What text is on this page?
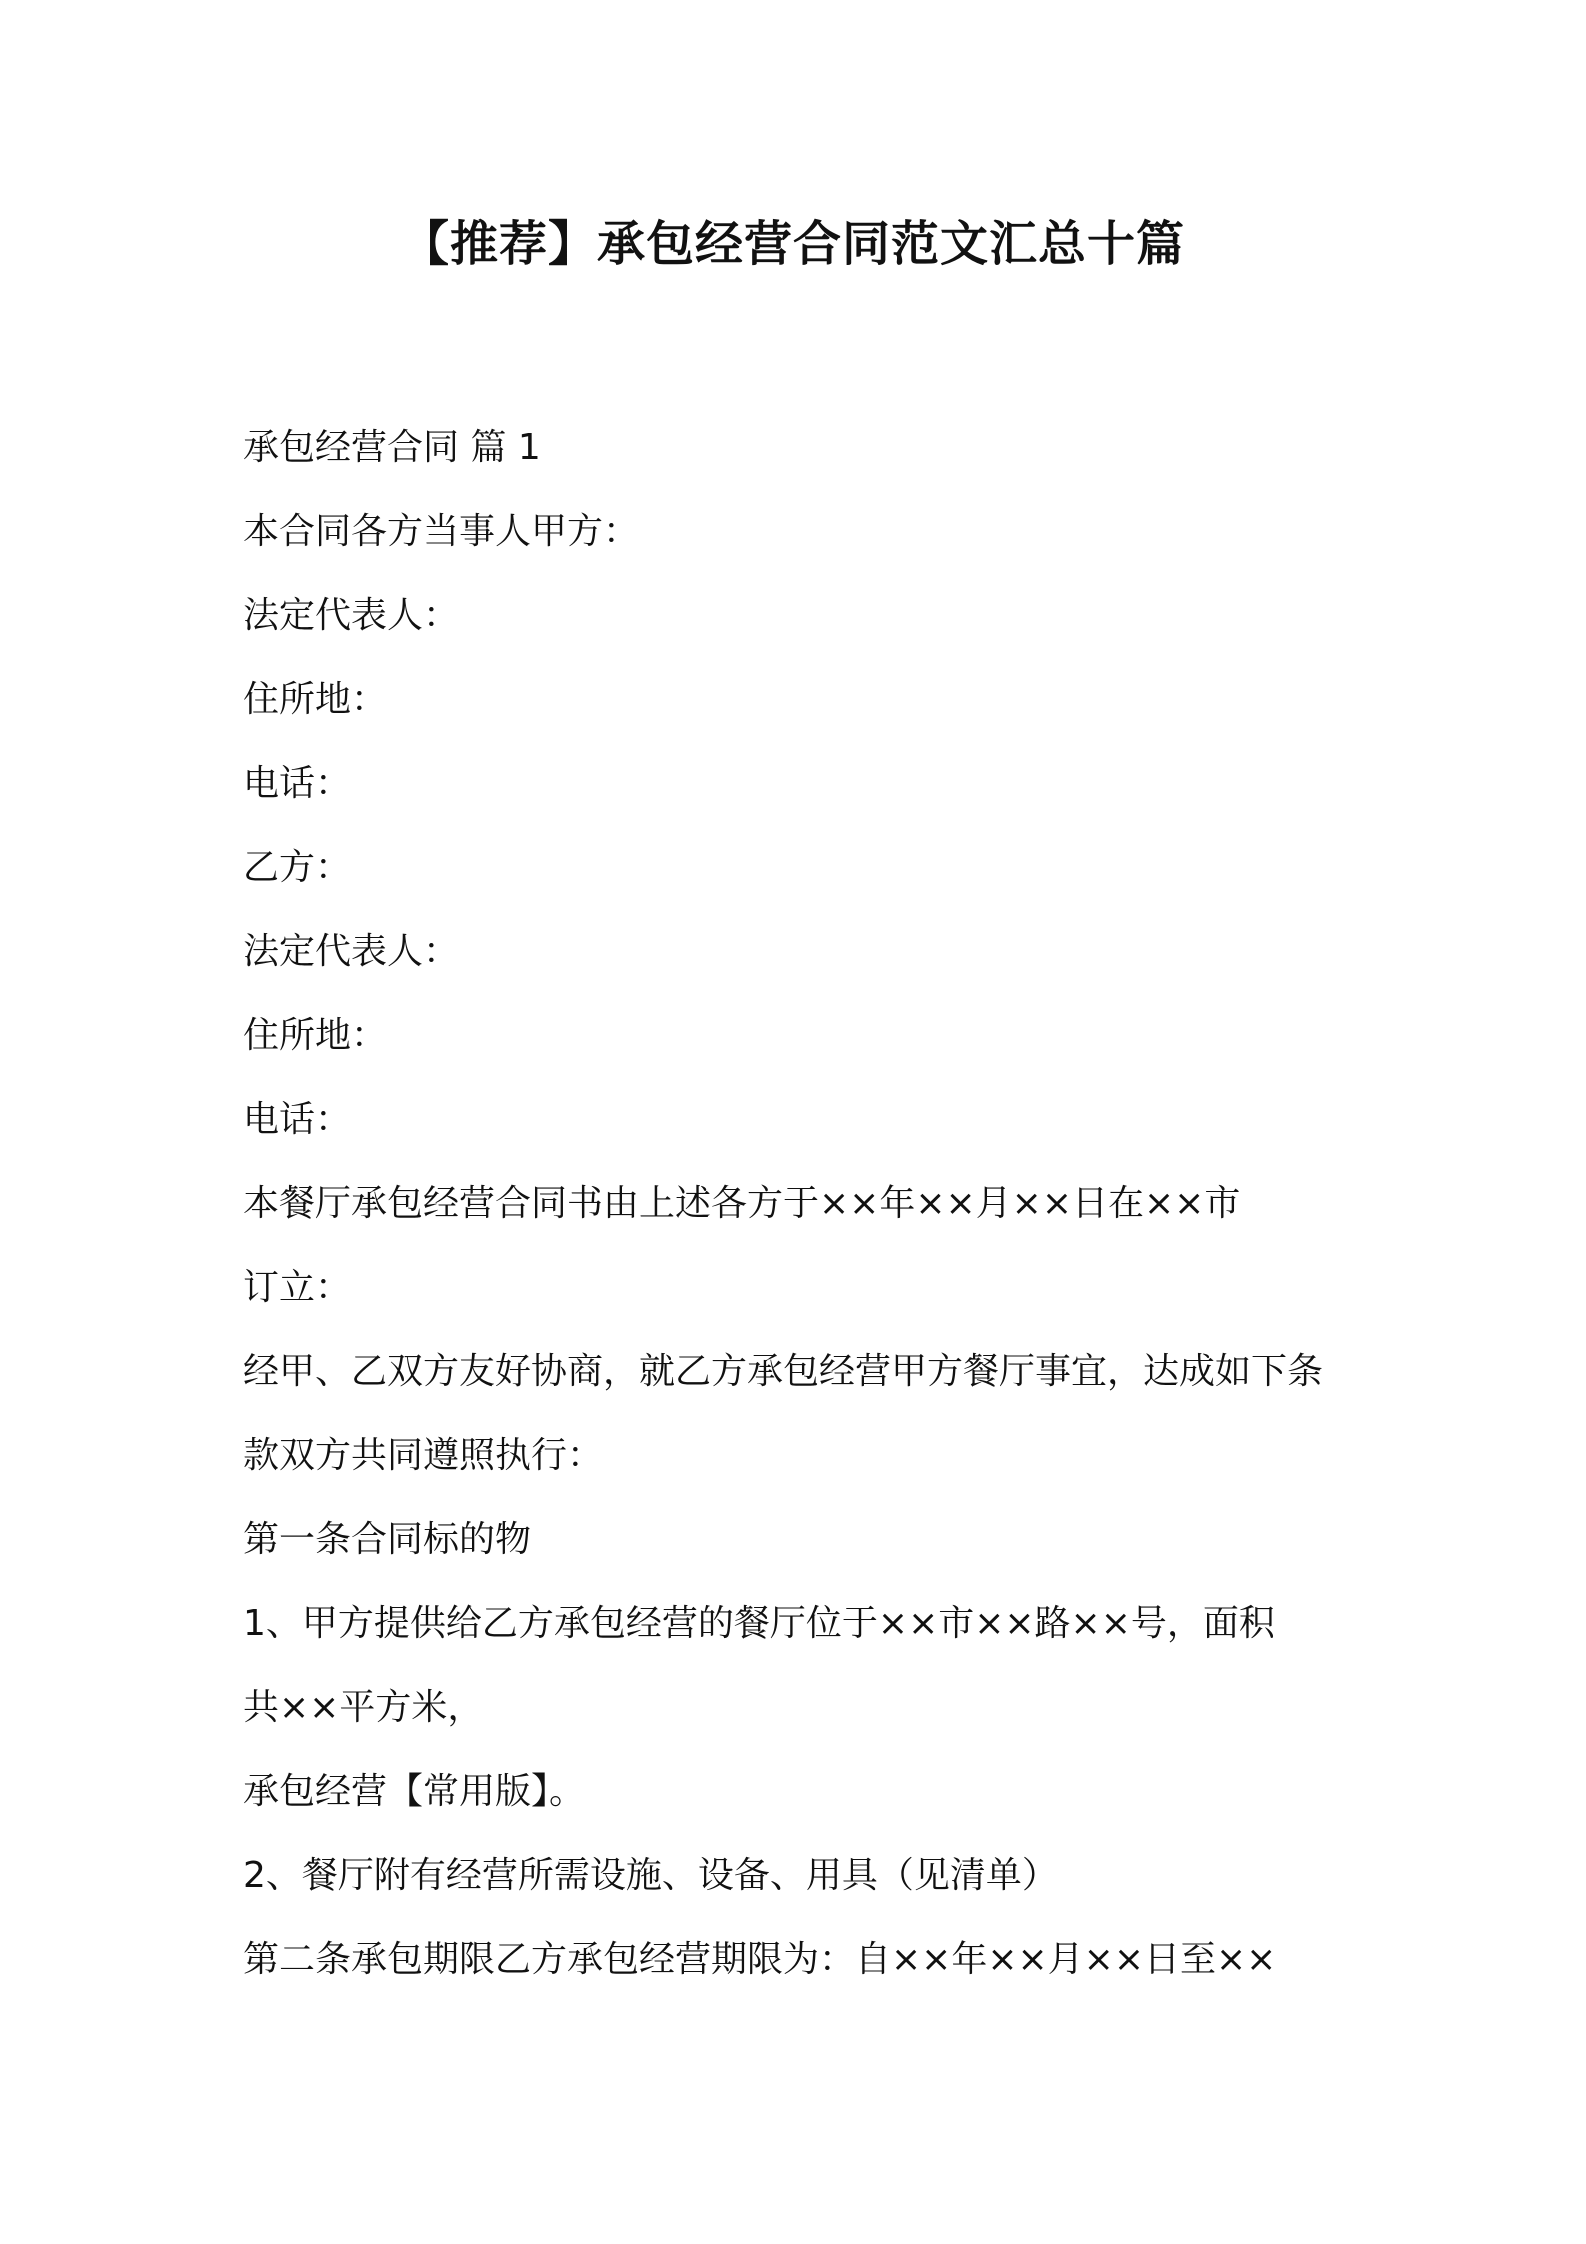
【推荐】承包经营合同范文汇总十篇
承包经营合同 篇 1
本合同各方当事人甲方：
法定代表人：
住所地：
电话：
乙方：
法定代表人：
住所地：
电话：
本餐厅承包经营合同书由上述各方于××年××月××日在××市
订立：
经甲、乙双方友好协商，就乙方承包经营甲方餐厅事宜，达成如下条
款双方共同遵照执行：
第一条合同标的物
1、甲方提供给乙方承包经营的餐厅位于××市××路××号，面积
共××平方米，
承包经营【常用版】。
2、餐厅附有经营所需设施、设备、用具（见清单）
第二条承包期限乙方承包经营期限为：自××年××月××日至××
